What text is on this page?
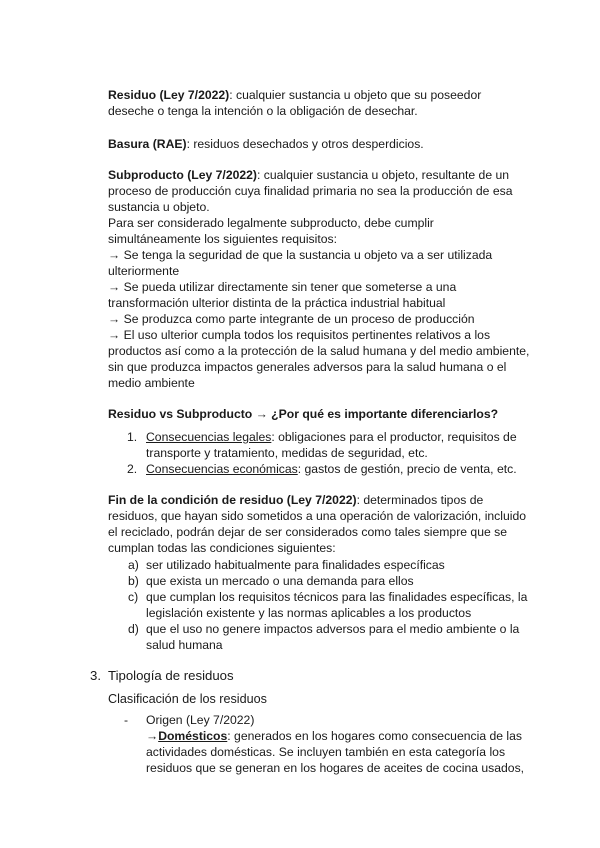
Residuo (Ley 7/2022): cualquier sustancia u objeto que su poseedor
deseche o tenga la intención o la obligación de desechar.
Basura (RAE): residuos desechados y otros desperdicios.
Subproducto (Ley 7/2022): cualquier sustancia u objeto, resultante de un
proceso de producción cuya finalidad primaria no sea la producción de esa
sustancia u objeto.
Para ser considerado legalmente subproducto, debe cumplir
simultáneamente los siguientes requisitos:
→ Se tenga la seguridad de que la sustancia u objeto va a ser utilizada
ulteriormente
→ Se pueda utilizar directamente sin tener que someterse a una
transformación ulterior distinta de la práctica industrial habitual
→ Se produzca como parte integrante de un proceso de producción
→ El uso ulterior cumpla todos los requisitos pertinentes relativos a los
productos así como a la protección de la salud humana y del medio ambiente,
sin que produzca impactos generales adversos para la salud humana o el
medio ambiente
Residuo vs Subproducto → ¿Por qué es importante diferenciarlos?
1. Consecuencias legales: obligaciones para el productor, requisitos de
transporte y tratamiento, medidas de seguridad, etc.
2. Consecuencias económicas: gastos de gestión, precio de venta, etc.
Fin de la condición de residuo (Ley 7/2022): determinados tipos de
residuos, que hayan sido sometidos a una operación de valorización, incluido
el reciclado, podrán dejar de ser considerados como tales siempre que se
cumplan todas las condiciones siguientes:
a) ser utilizado habitualmente para finalidades específicas
b) que exista un mercado o una demanda para ellos
c) que cumplan los requisitos técnicos para las finalidades específicas, la
legislación existente y las normas aplicables a los productos
d) que el uso no genere impactos adversos para el medio ambiente o la
salud humana
3. Tipología de residuos
Clasificación de los residuos
- Origen (Ley 7/2022)
→Domésticos: generados en los hogares como consecuencia de las
actividades domésticas. Se incluyen también en esta categoría los
residuos que se generan en los hogares de aceites de cocina usados,
